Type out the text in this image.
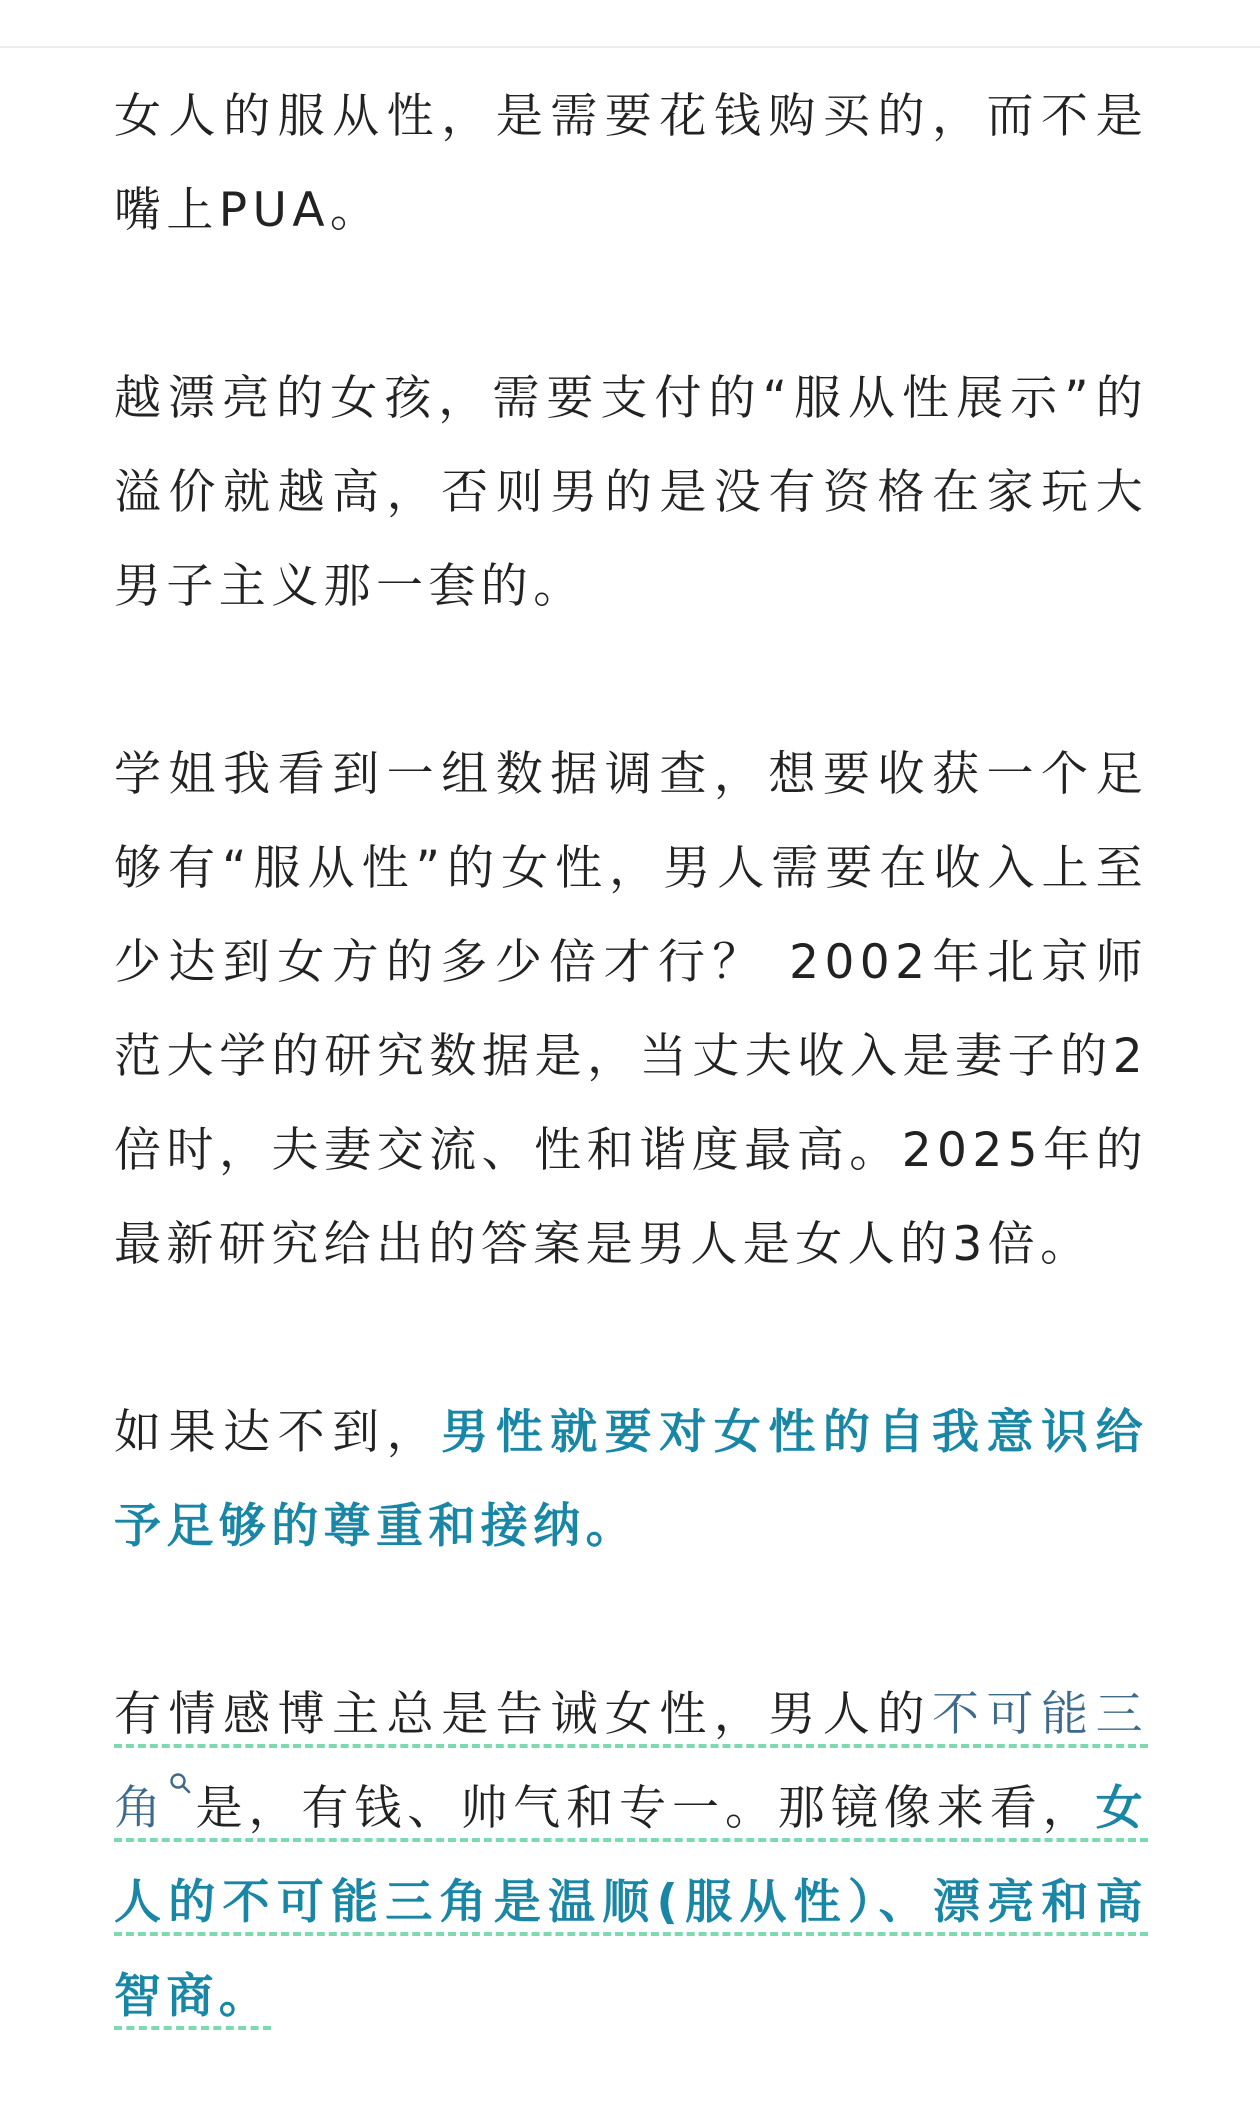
女人的服从性，是需要花钱购买的，而不是嘴上PUA。

越漂亮的女孩，需要支付的“服从性展示”的溢价就越高，否则男的是没有资格在家玩大男子主义那一套的。

学姐我看到一组数据调查，想要收获一个足够有“服从性”的女性，男人需要在收入上至少达到女方的多少倍才行？ 2002年北京师范大学的研究数据是，当丈夫收入是妻子的2倍时，夫妻交流、性和谐度最高。2025年的最新研究给出的答案是男人是女人的3倍。

如果达不到，男性就要对女性的自我意识给予足够的尊重和接纳。

有情感博主总是告诫女性，男人的不可能三角 是，有钱、帅气和专一。那镜像来看，女人的不可能三角是温顺(服从性）、漂亮和高智商。
